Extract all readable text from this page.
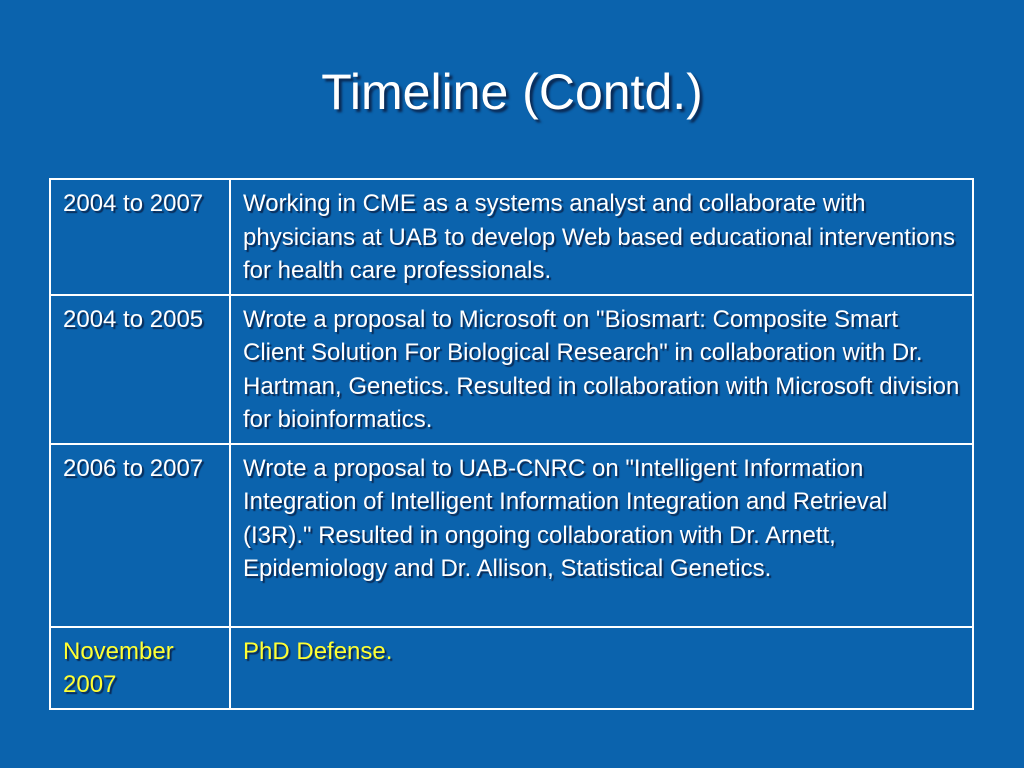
Timeline (Contd.)
2004 to 2007	Working in CME as a systems analyst and collaborate with physicians at UAB to develop Web based educational interventions for health care professionals.
2004 to 2005	Wrote a proposal to Microsoft on "Biosmart: Composite Smart Client Solution For Biological Research" in collaboration with Dr. Hartman, Genetics. Resulted in collaboration with Microsoft division for bioinformatics.
2006 to 2007	Wrote a proposal to UAB-CNRC on "Intelligent Information Integration of Intelligent Information Integration and Retrieval (I3R)." Resulted in ongoing collaboration with Dr. Arnett, Epidemiology and Dr. Allison, Statistical Genetics.
November 2007	PhD Defense.
